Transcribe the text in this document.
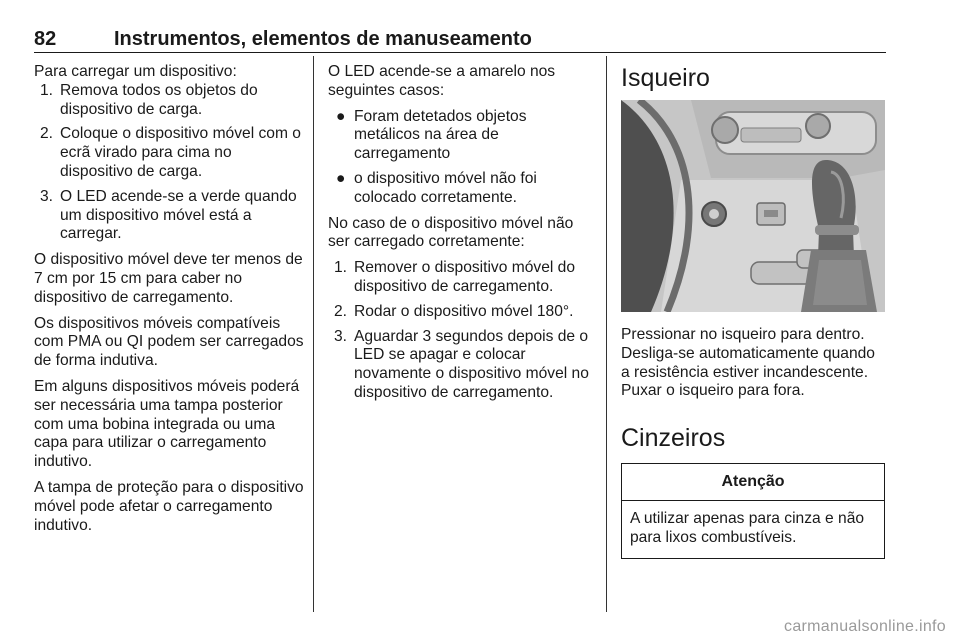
82	Instrumentos, elementos de manuseamento

Para carregar um dispositivo:

1. Remova todos os objetos do dispositivo de carga.
2. Coloque o dispositivo móvel com o ecrã virado para cima no dispositivo de carga.
3. O LED acende-se a verde quando um dispositivo móvel está a carregar.

O dispositivo móvel deve ter menos de 7 cm por 15 cm para caber no dispositivo de carregamento.

Os dispositivos móveis compatíveis com PMA ou QI podem ser carregados de forma indutiva.

Em alguns dispositivos móveis poderá ser necessária uma tampa posterior com uma bobina integrada ou uma capa para utilizar o carregamento indutivo.

A tampa de proteção para o dispositivo móvel pode afetar o carregamento indutivo.

O LED acende-se a amarelo nos seguintes casos:

● Foram detetados objetos metálicos na área de carregamento
● o dispositivo móvel não foi colocado corretamente.

No caso de o dispositivo móvel não ser carregado corretamente:

1. Remover o dispositivo móvel do dispositivo de carregamento.
2. Rodar o dispositivo móvel 180°.
3. Aguardar 3 segundos depois de o LED se apagar e colocar novamente o dispositivo móvel no dispositivo de carregamento.
Isqueiro

Pressionar no isqueiro para dentro.

Desliga-se automaticamente quando a resistência estiver incandescente.

Puxar o isqueiro para fora.

Cinzeiros
Atenção
A utilizar apenas para cinza e não para lixos combustíveis.
carmanualsonline.info
